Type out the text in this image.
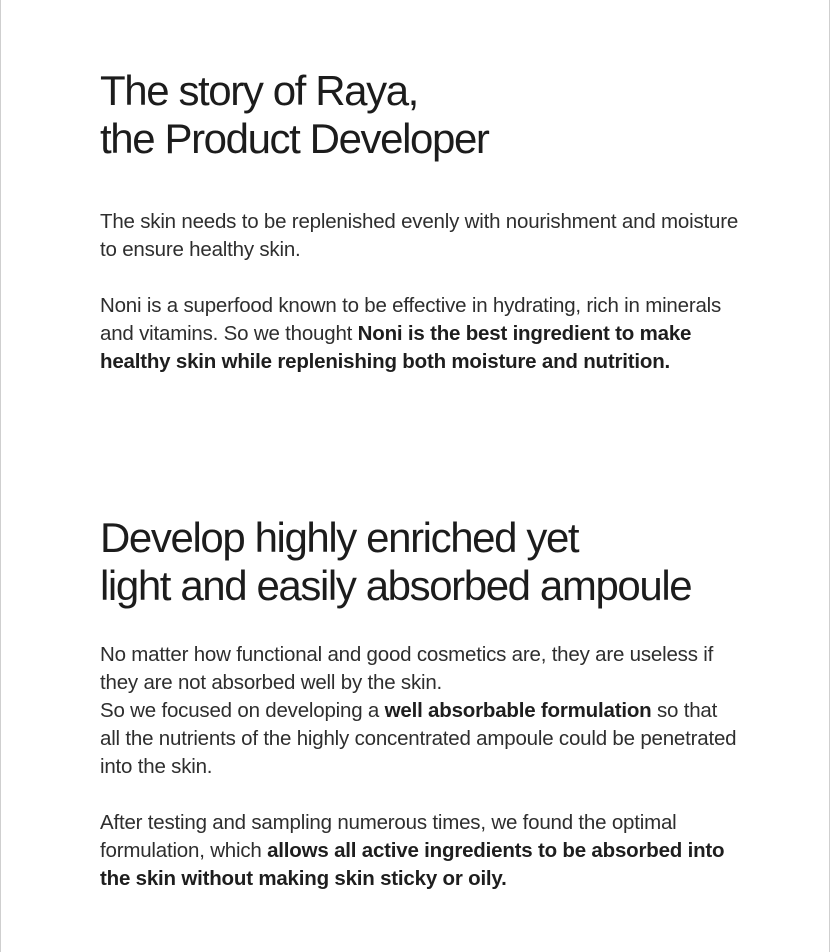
The story of Raya,
the Product Developer

The skin needs to be replenished evenly with nourishment and moisture to ensure healthy skin.

Noni is a superfood known to be effective in hydrating, rich in minerals and vitamins. So we thought Noni is the best ingredient to make healthy skin while replenishing both moisture and nutrition.

Develop highly enriched yet
light and easily absorbed ampoule

No matter how functional and good cosmetics are, they are useless if they are not absorbed well by the skin.
So we focused on developing a well absorbable formulation so that all the nutrients of the highly concentrated ampoule could be penetrated into the skin.

After testing and sampling numerous times, we found the optimal formulation, which allows all active ingredients to be absorbed into the skin without making skin sticky or oily.
